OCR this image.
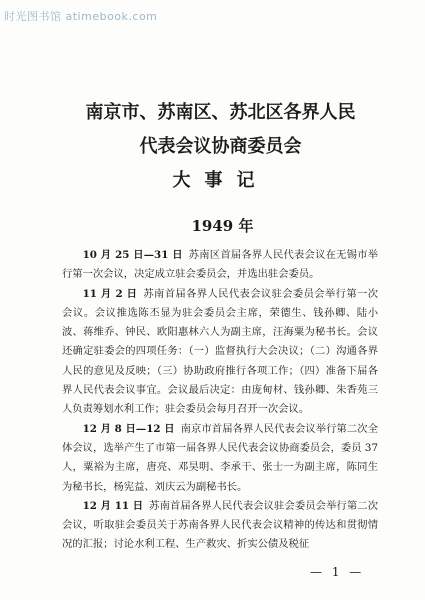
时光图书馆 atimebook.com
南京市、苏南区、苏北区各界人民
代表会议协商委员会
大事记
1949 年

10 月 25 日—31 日 苏南区首届各界人民代表会议在无锡市举行第一次会议，决定成立驻会委员会，并选出驻会委员。

11 月 2 日 苏南首届各界人民代表会议驻会委员会举行第一次会议。会议推选陈丕显为驻会委员会主席，荣德生、钱孙卿、陆小波、蒋维乔、钟民、欧阳惠林六人为副主席，汪海粟为秘书长。会议还确定驻委会的四项任务：（一）监督执行大会决议；（二）沟通各界人民的意见及反映；（三）协助政府推行各项工作；（四）准备下届各界人民代表会议事宜。会议最后决定：由庞甸材、钱孙卿、朱香苑三人负责筹划水利工作；驻会委员会每月召开一次会议。

12 月 8 日—12 日 南京市首届各界人民代表会议举行第二次全体会议，选举产生了市第一届各界人民代表会议协商委员会，委员 37 人，粟裕为主席，唐亮、邓昊明、李承干、张士一为副主席，陈同生为秘书长，杨宪益、刘庆云为副秘书长。

12 月 11 日 苏南首届各界人民代表会议驻会委员会举行第二次会议，听取驻会委员关于苏南各界人民代表会议精神的传达和贯彻情况的汇报；讨论水利工程、生产救灾、折实公债及税征

— 1 —
